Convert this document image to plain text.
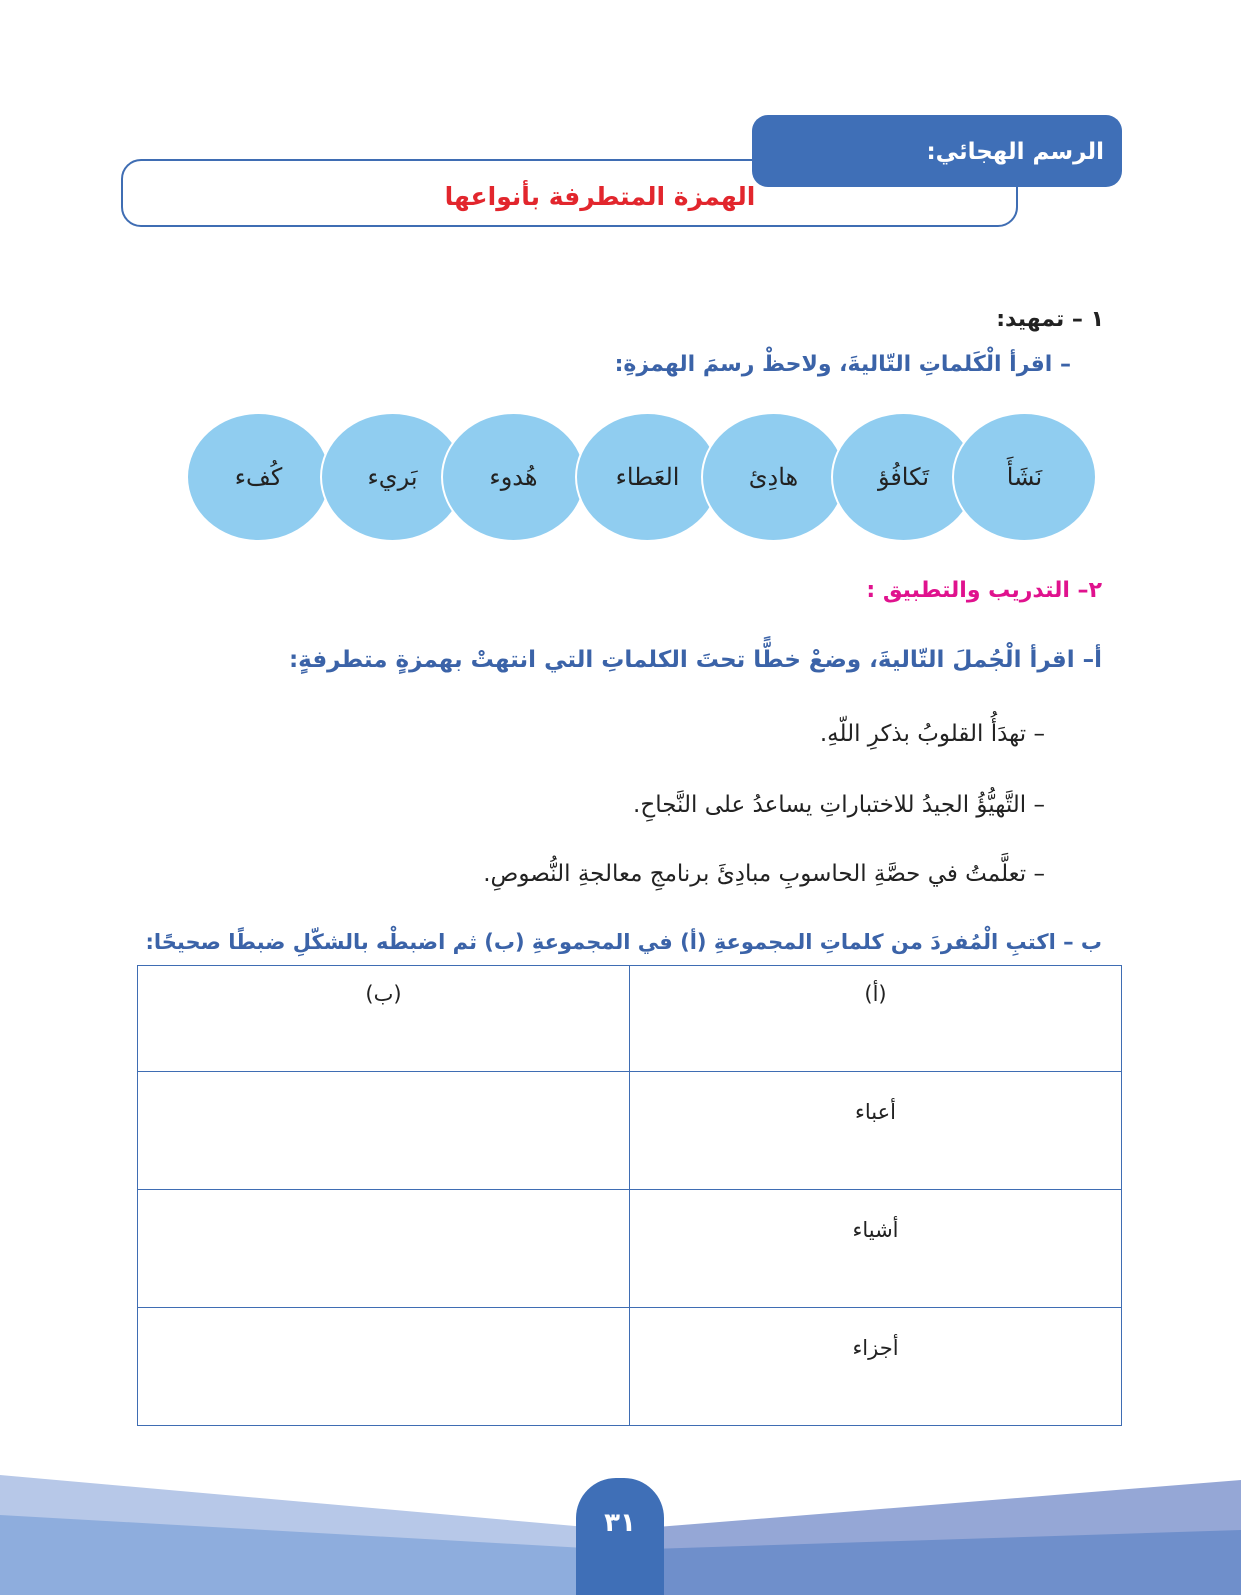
الرسم الهجائي:
الهمزة المتطرفة بأنواعها
١ – تمهيد:
– اقرأ الْكَلماتِ التّاليةَ، ولاحظْ رسمَ الهمزةِ:
كُفء	بَريء	هُدوء	العَطاء	هادِئ	تَكافُؤ	نَشَأَ
٢– التدريب والتطبيق :
أ– اقرأ الْجُملَ التّاليةَ، وضعْ خطًّا تحتَ الكلماتِ التي انتهتْ بهمزةٍ متطرفةٍ:
– تهدَأُ القلوبُ بذكرِ اللّهِ.
– التَّهيُّؤُ الجيدُ للاختباراتِ يساعدُ على النَّجاحِ.
– تعلَّمتُ في حصَّةِ الحاسوبِ مبادِئَ برنامجِ معالجةِ النُّصوصِ.
ب – اكتبِ الْمُفردَ من كلماتِ المجموعةِ (أ) في المجموعةِ (ب) ثم اضبطْه بالشكّلِ ضبطًا صحيحًا:
(أ)	(ب)
أعباء	
أشياء	
أجزاء	
٣١
